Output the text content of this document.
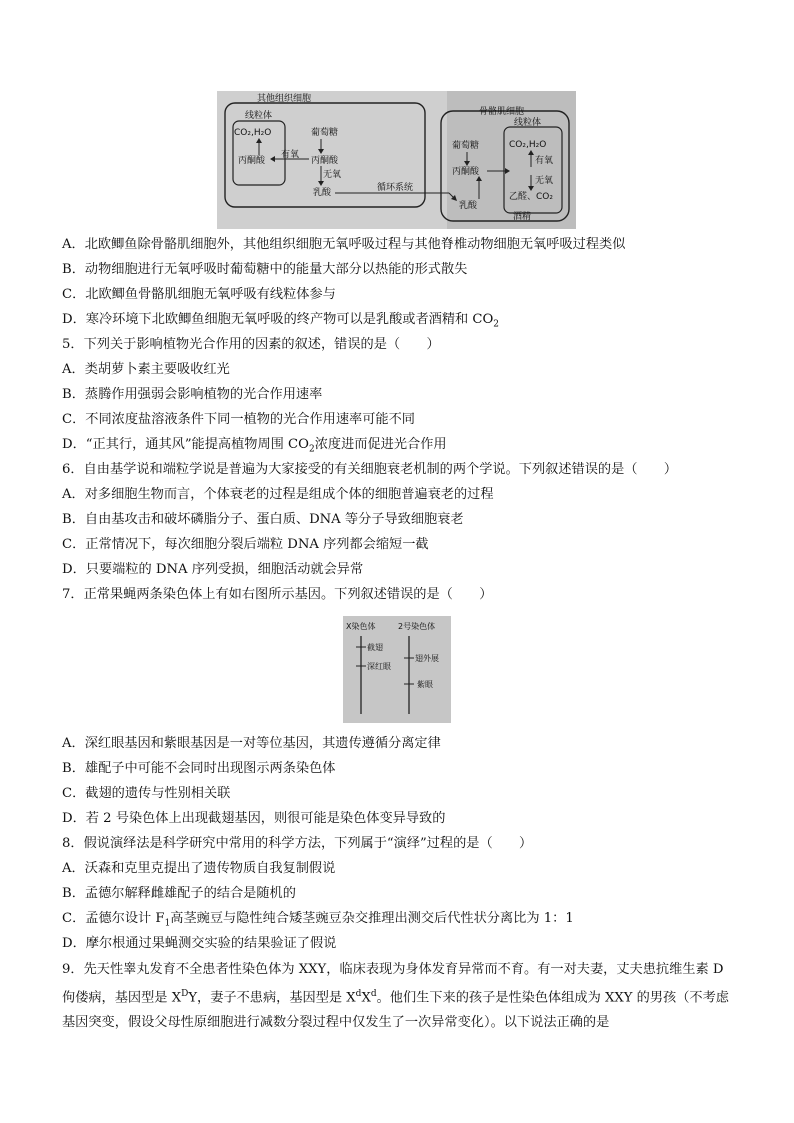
其他组织细胞
线粒体
CO₂,H₂O
丙酮酸
有氧
葡萄糖
丙酮酸
无氧
乳酸	循环系统
骨骼肌细胞
线粒体
葡萄糖
丙酮酸
乳酸
CO₂,H₂O
有氧
无氧
乙醛、CO₂
酒精
A．北欧鲫鱼除骨骼肌细胞外，其他组织细胞无氧呼吸过程与其他脊椎动物细胞无氧呼吸过程类似
B．动物细胞进行无氧呼吸时葡萄糖中的能量大部分以热能的形式散失
C．北欧鲫鱼骨骼肌细胞无氧呼吸有线粒体参与
D．寒冷环境下北欧鲫鱼细胞无氧呼吸的终产物可以是乳酸或者酒精和 $CO_2$
5．下列关于影响植物光合作用的因素的叙述，错误的是（　　）
A．类胡萝卜素主要吸收红光
B．蒸腾作用强弱会影响植物的光合作用速率
C．不同浓度盐溶液条件下同一植物的光合作用速率可能不同
D．“正其行，通其风”能提高植物周围 $CO_2$浓度进而促进光合作用
6．自由基学说和端粒学说是普遍为大家接受的有关细胞衰老机制的两个学说。下列叙述错误的是（　　）
A．对多细胞生物而言，个体衰老的过程是组成个体的细胞普遍衰老的过程
B．自由基攻击和破坏磷脂分子、蛋白质、DNA 等分子导致细胞衰老
C．正常情况下，每次细胞分裂后端粒 DNA 序列都会缩短一截
D．只要端粒的 DNA 序列受损，细胞活动就会异常
7．正常果蝇两条染色体上有如右图所示基因。下列叙述错误的是（　　）
X染色体	2号染色体
截翅
深红眼
翅外展
紫眼
A．深红眼基因和紫眼基因是一对等位基因，其遗传遵循分离定律
B．雄配子中可能不会同时出现图示两条染色体
C．截翅的遗传与性别相关联
D．若 2 号染色体上出现截翅基因，则很可能是染色体变异导致的
8．假说演绎法是科学研究中常用的科学方法，下列属于“演绎”过程的是（　　）
A．沃森和克里克提出了遗传物质自我复制假说
B．孟德尔解释雌雄配子的结合是随机的
C．孟德尔设计 $F_1$高茎豌豆与隐性纯合矮茎豌豆杂交推理出测交后代性状分离比为 1：1
D．摩尔根通过果蝇测交实验的结果验证了假说
9．先天性睾丸发育不全患者性染色体为 XXY，临床表现为身体发育异常而不育。有一对夫妻，丈夫患抗维生素 D 佝偻病，基因型是 $X^DY$，妻子不患病，基因型是 $X^dX^d$。他们生下来的孩子是性染色体组成为 XXY 的男孩（不考虑基因突变，假设父母性原细胞进行减数分裂过程中仅发生了一次异常变化）。以下说法正确的是
